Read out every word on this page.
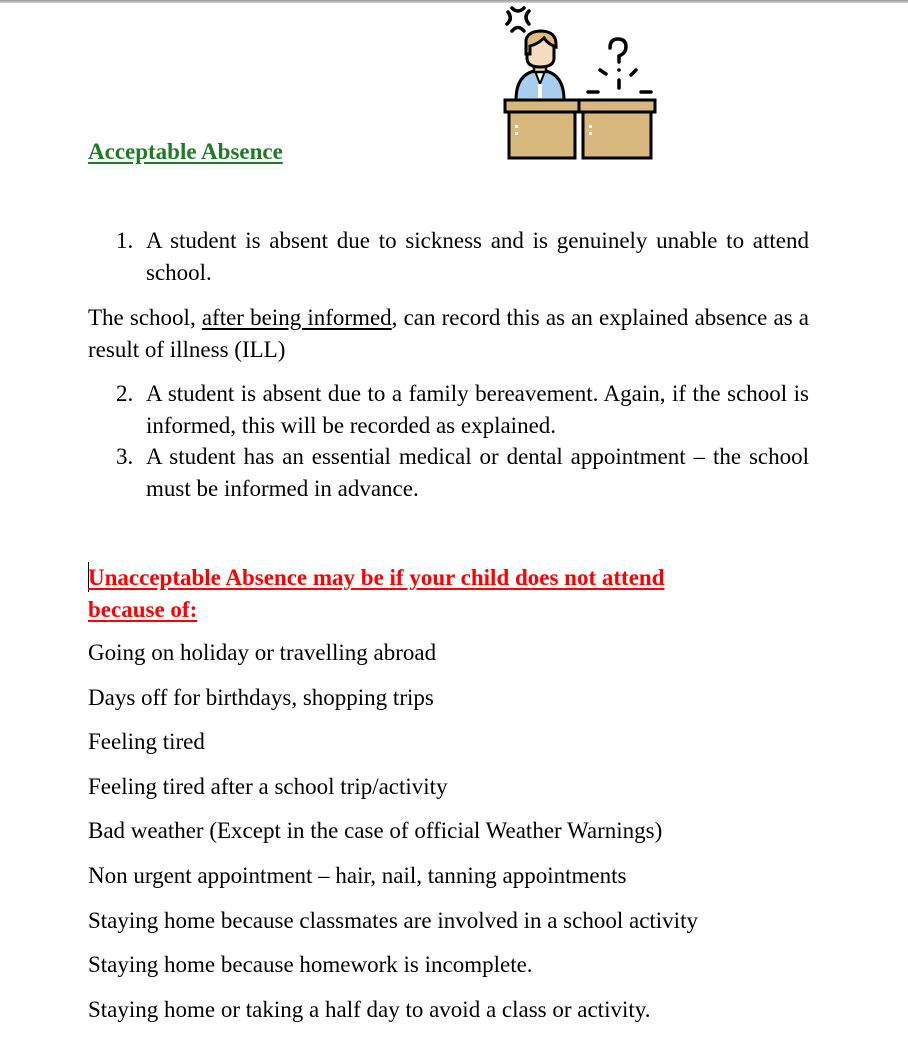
Acceptable Absence
1. A student is absent due to sickness and is genuinely unable to attend school.
The school, after being informed, can record this as an explained absence as a result of illness (ILL)
2. A student is absent due to a family bereavement. Again, if the school is informed, this will be recorded as explained.
3. A student has an essential medical or dental appointment – the school must be informed in advance.
Unacceptable Absence may be if your child does not attend because of:
Going on holiday or travelling abroad
Days off for birthdays, shopping trips
Feeling tired
Feeling tired after a school trip/activity
Bad weather (Except in the case of official Weather Warnings)
Non urgent appointment – hair, nail, tanning appointments
Staying home because classmates are involved in a school activity
Staying home because homework is incomplete.
Staying home or taking a half day to avoid a class or activity.
